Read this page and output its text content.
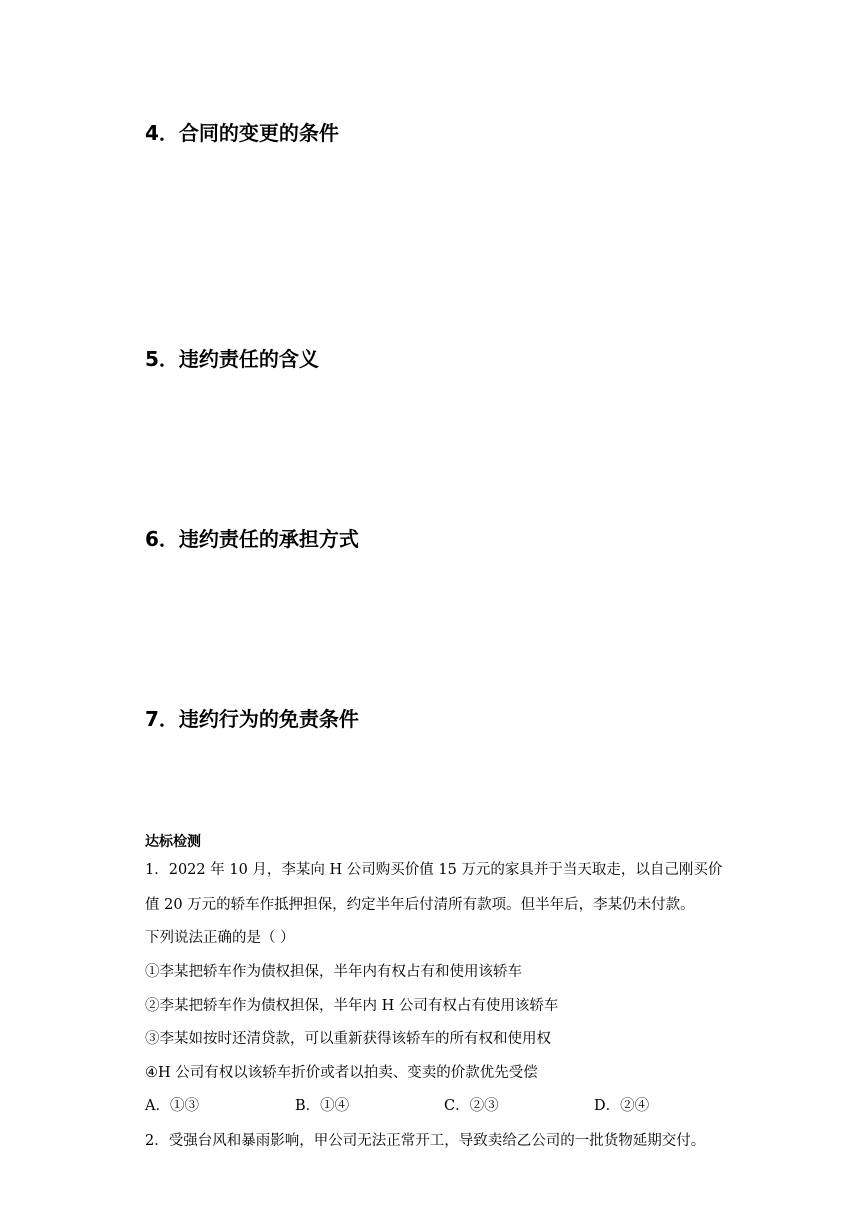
4．合同的变更的条件
5．违约责任的含义
6．违约责任的承担方式
7．违约行为的免责条件
达标检测
1．2022 年 10 月，李某向 H 公司购买价值 15 万元的家具并于当天取走，以自己刚买价
值 20 万元的轿车作抵押担保，约定半年后付清所有款项。但半年后，李某仍未付款。
下列说法正确的是（ ）
①李某把轿车作为债权担保，半年内有权占有和使用该轿车
②李某把轿车作为债权担保，半年内 H 公司有权占有使用该轿车
③李某如按时还清贷款，可以重新获得该轿车的所有权和使用权
④H 公司有权以该轿车折价或者以拍卖、变卖的价款优先受偿
A．①③	B．①④	C．②③	D．②④
2．受强台风和暴雨影响，甲公司无法正常开工，导致卖给乙公司的一批货物延期交付。
